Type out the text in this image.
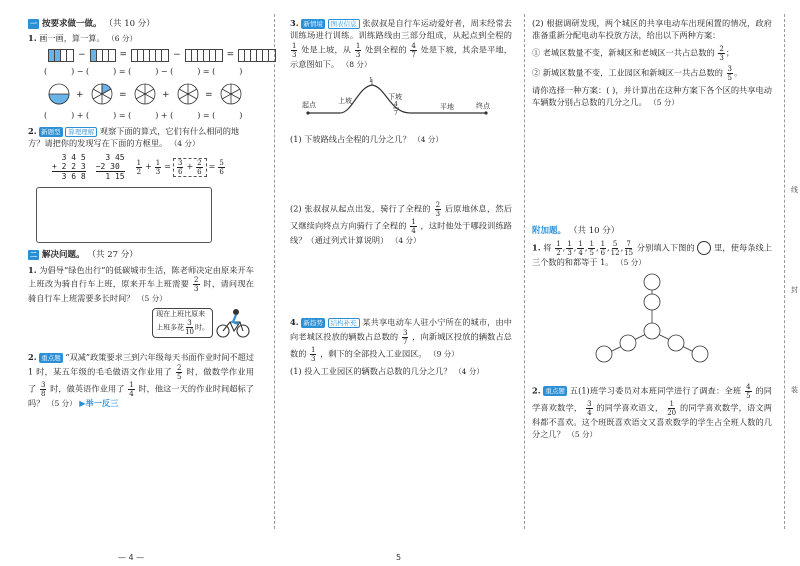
线
封
装
一 按要求做一做。 （共 10 分）
1. 画一画，算一算。 （6 分）
−	=	−	=
(	) − (	) = (	) − (	) = (	)
+	=	+	=
(	) + (	) = (	) + (	) = (	)
2. 新题型 算理理解 观察下面的算式，它们有什么相同的地方？请把你的发现写在下面的方框里。 （4 分）
3 4 5
+ 2 2 3
3 6 8
3 45
−2 30
1 15
$\frac{1}{2} + \frac{1}{3} = \frac{3}{6} + \frac{2}{6} = \frac{5}{6}$
二 解决问题。 （共 27 分）
1. 为倡导“绿色出行”的低碳城市生活，陈老师决定由原来开车上班改为骑自行车上班，原来开车上班需要 $\frac{2}{3}$ 时，请问现在骑自行车上班需要多长时间？ （5 分）
现在上班比原来
上班多花 $\frac{3}{10}$ 时。
2. 重点题 “双减”政策要求三到六年级每天书面作业时间不超过 1 时，某五年级的毛毛做语文作业用了 $\frac{2}{5}$ 时，做数学作业用了 $\frac{3}{8}$ 时，做英语作业用了 $\frac{1}{4}$ 时，他这一天的作业时间超标了吗？ （5 分） ▶举一反三
— 4 —
3. 新情境 图表信息 张叔叔是自行车运动爱好者，周末经常去训练场进行训练。训练路线由三部分组成，从起点到全程的
$\frac{1}{3}$ 处是上坡，从 $\frac{1}{3}$ 处到全程的 $\frac{4}{7}$ 处是下坡，其余是平地，示意图如下。 （8 分）
起点	上坡	下坡
平地	终点
1
4
7
(1) 下坡路线占全程的几分之几？ （4 分）
(2) 张叔叔从起点出发，骑行了全程的 $\frac{2}{3}$ 后原地休息，然后又继续向终点方向骑行了全程的 $\frac{1}{4}$ ，这时他处于哪段训练路线？（通过列式计算说明） （4 分）
4. 新趋势 结构补充 某共享电动车人驻小宁所在的城市，由中向老城区投放的辆数占总数的 $\frac{3}{7}$ ，向新城区投放的辆数占总数的 $\frac{1}{3}$ ，剩下的全部投入工业园区。 （9 分）
(1) 投入工业园区的辆数占总数的几分之几？ （4 分）
5
(2) 根据调研发现，两个城区的共享电动车出现闲置的情况，政府准备重新分配电动车投放方法，给出以下两种方案：
① 老城区数量不变，新城区和老城区一共占总数的 $\frac{2}{3}$ ；
② 新城区数量不变，工业园区和新城区一共占总数的 $\frac{3}{5}$ 。
请你选择一种方案：( )，并计算出在这种方案下各个区的共享电动车辆数分别占总数的几分之几。 （5 分）
附加题。 （共 10 分）
1. 将 $\frac{1}{2}$ , $\frac{1}{3}$ , $\frac{1}{4}$ , $\frac{1}{5}$ , $\frac{1}{6}$ , $\frac{5}{12}$ , $\frac{7}{15}$ 分别填入下图的 里，使每条线上三个数的和都等于 1。 （5 分）
2. 重点题 五(1)班学习委员对本班同学进行了调查：全班 $\frac{4}{5}$ 的同学喜欢数学， $\frac{3}{4}$ 的同学喜欢语文， $\frac{1}{20}$ 的同学喜欢数学，语文两科都不喜欢。这个班既喜欢语文又喜欢数学的学生占全班人数的几分之几？ （5 分）
